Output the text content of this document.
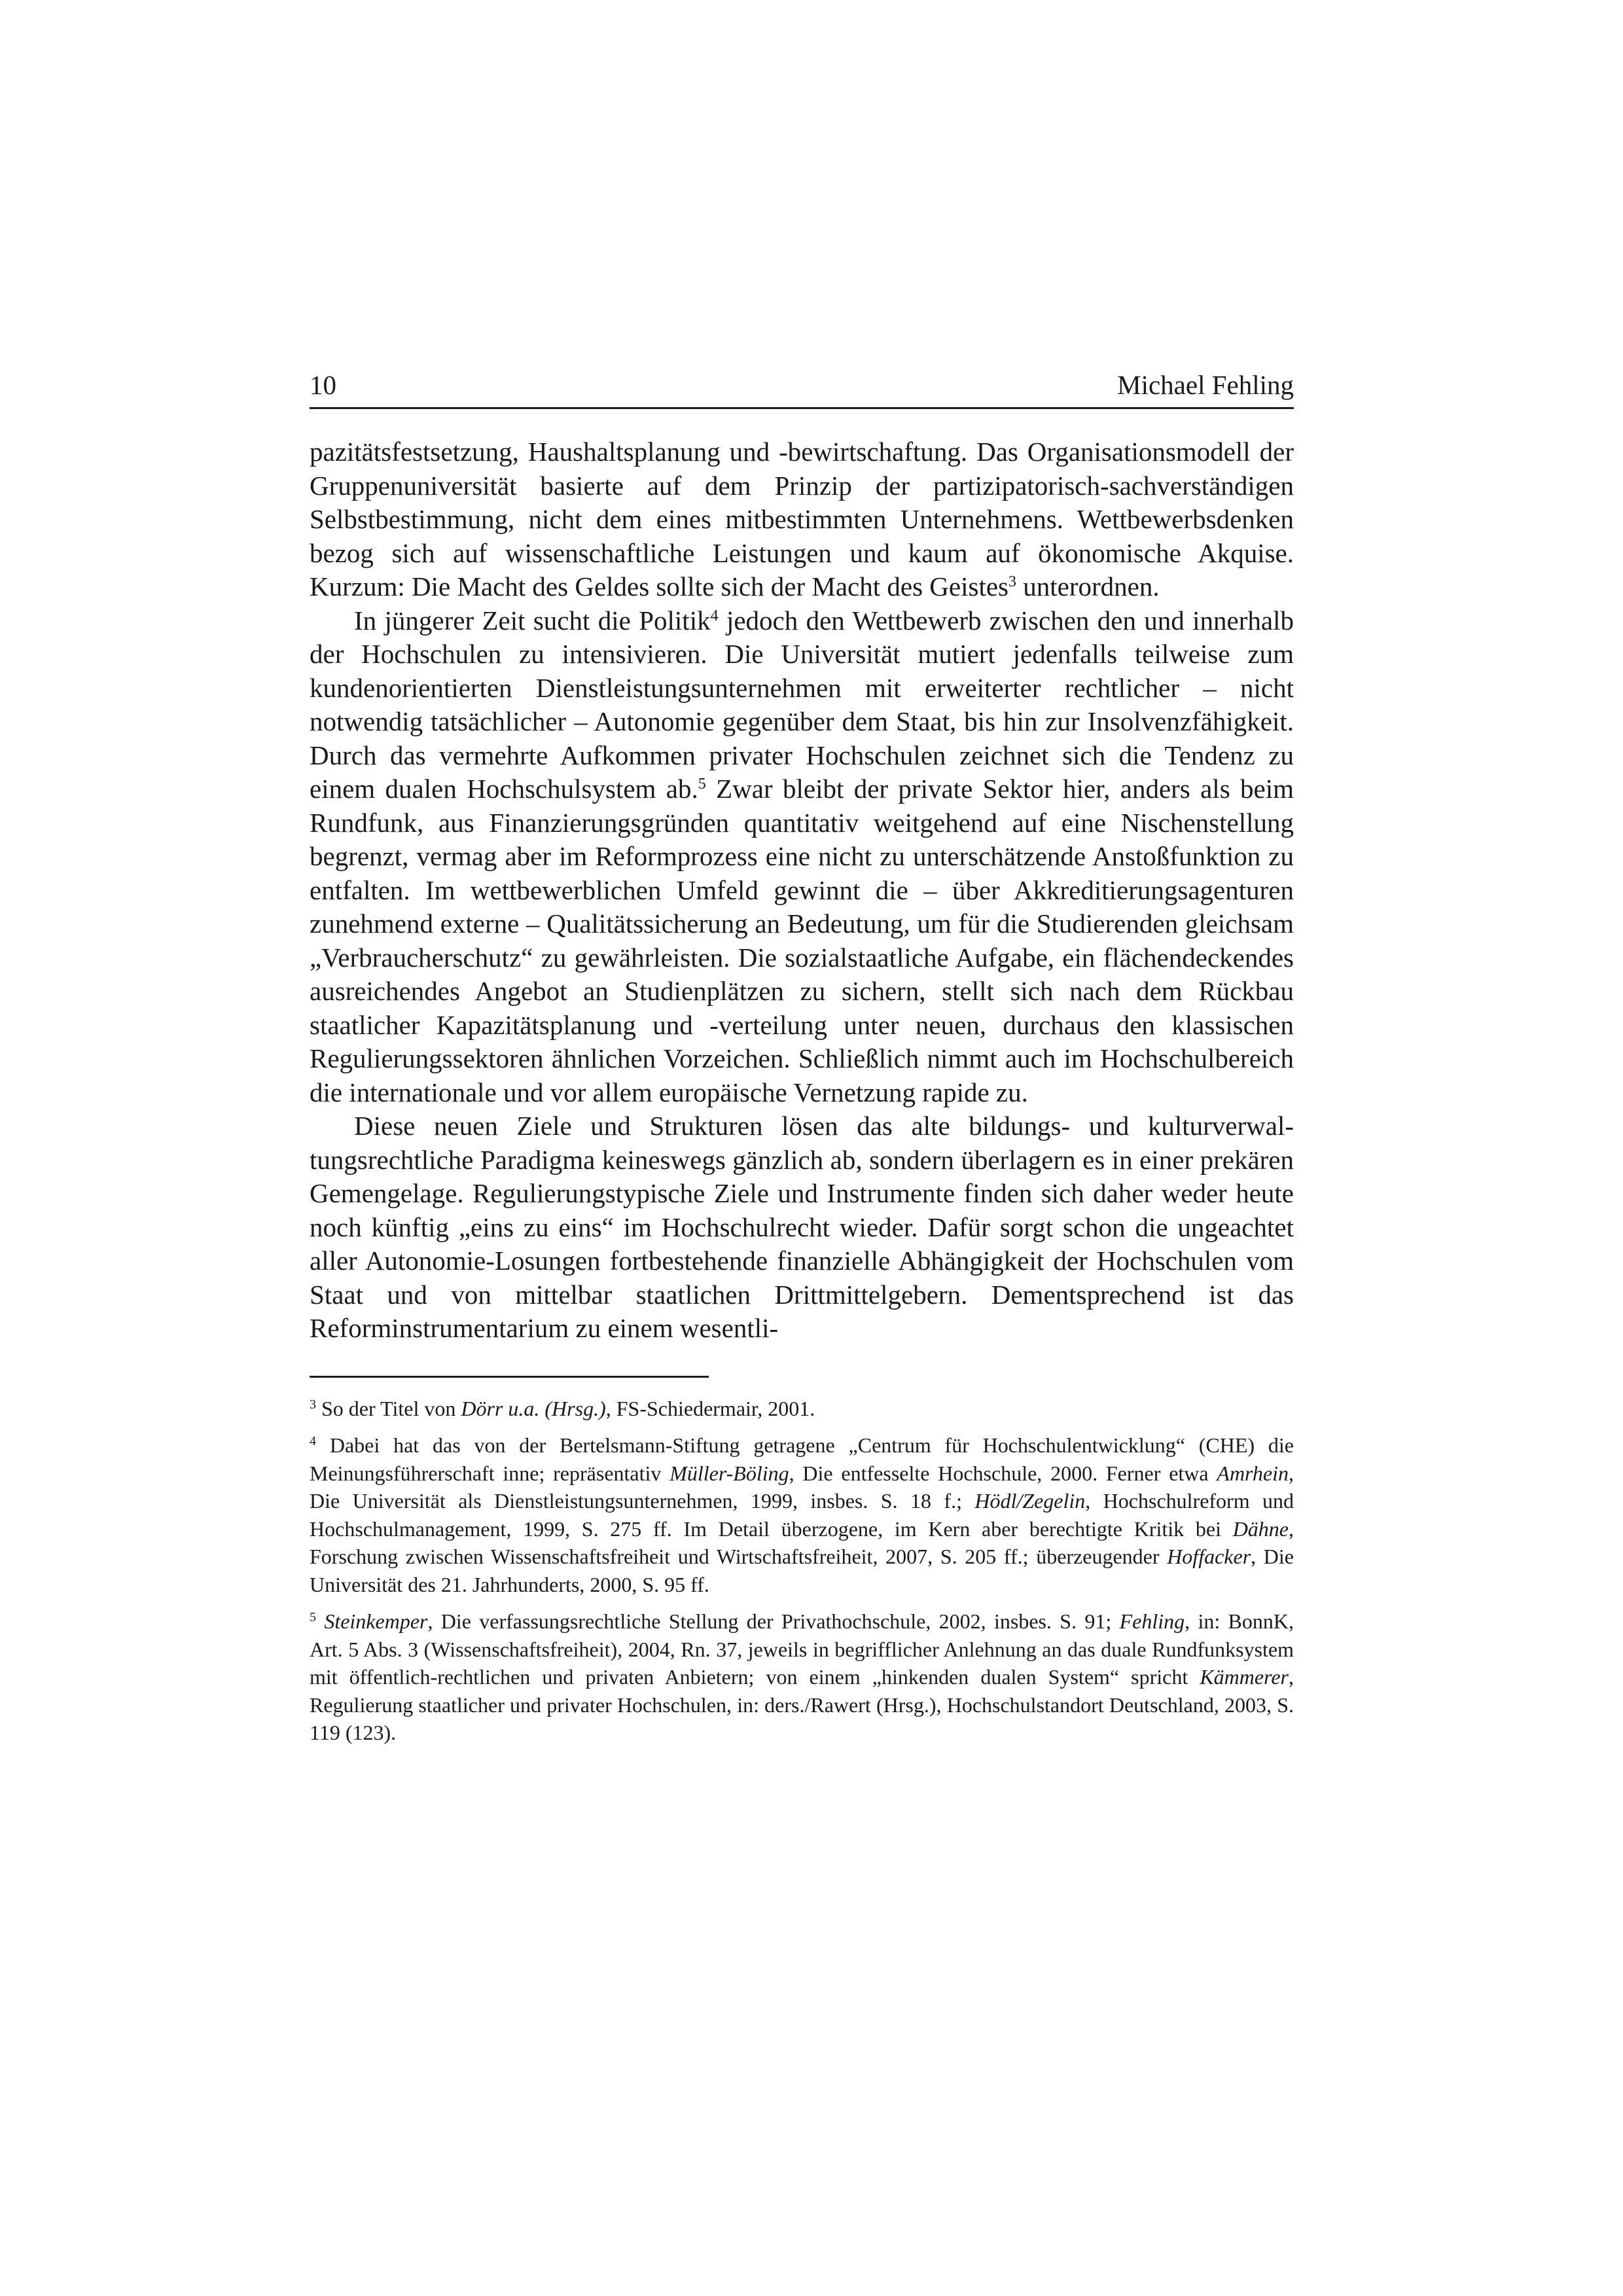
10	Michael Fehling

pazitätsfestsetzung, Haushaltsplanung und -bewirtschaftung. Das Organisationsmodell der Gruppenuniversität basierte auf dem Prinzip der partizipatorisch-sachverständigen Selbstbestimmung, nicht dem eines mitbestimmten Unternehmens. Wettbewerbsdenken bezog sich auf wissenschaftliche Leistungen und kaum auf ökonomische Akquise. Kurzum: Die Macht des Geldes sollte sich der Macht des Geistes$^3$ unterordnen.

In jüngerer Zeit sucht die Politik$^4$ jedoch den Wettbewerb zwischen den und innerhalb der Hochschulen zu intensivieren. Die Universität mutiert jedenfalls teilweise zum kundenorientierten Dienstleistungsunternehmen mit erweiterter rechtlicher – nicht notwendig tatsächlicher – Autonomie gegenüber dem Staat, bis hin zur Insolvenzfähigkeit. Durch das vermehrte Aufkommen privater Hochschulen zeichnet sich die Tendenz zu einem dualen Hochschulsystem ab.$^5$ Zwar bleibt der private Sektor hier, anders als beim Rundfunk, aus Finanzierungsgründen quantitativ weitgehend auf eine Nischenstellung begrenzt, vermag aber im Reformprozess eine nicht zu unterschätzende Anstoßfunktion zu entfalten. Im wettbewerblichen Umfeld gewinnt die – über Akkreditierungsagenturen zunehmend externe – Qualitätssicherung an Bedeutung, um für die Studierenden gleichsam „Verbraucherschutz“ zu gewährleisten. Die sozialstaatliche Aufgabe, ein flächendeckendes ausreichendes Angebot an Studienplätzen zu sichern, stellt sich nach dem Rückbau staatlicher Kapazitätsplanung und -verteilung unter neuen, durchaus den klassischen Regulierungssektoren ähnlichen Vorzeichen. Schließlich nimmt auch im Hochschulbereich die internationale und vor allem europäische Vernetzung rapide zu.

Diese neuen Ziele und Strukturen lösen das alte bildungs- und kulturverwaltungsrechtliche Paradigma keineswegs gänzlich ab, sondern überlagern es in einer prekären Gemengelage. Regulierungstypische Ziele und Instrumente finden sich daher weder heute noch künftig „eins zu eins“ im Hochschulrecht wieder. Dafür sorgt schon die ungeachtet aller Autonomie-Losungen fortbestehende finanzielle Abhängigkeit der Hochschulen vom Staat und von mittelbar staatlichen Drittmittelgebern. Dementsprechend ist das Reforminstrumentarium zu einem wesentli-

$^3$ So der Titel von Dörr u.a. (Hrsg.), FS-Schiedermair, 2001.

$^4$ Dabei hat das von der Bertelsmann-Stiftung getragene „Centrum für Hochschulentwicklung“ (CHE) die Meinungsführerschaft inne; repräsentativ Müller-Böling, Die entfesselte Hochschule, 2000. Ferner etwa Amrhein, Die Universität als Dienstleistungsunternehmen, 1999, insbes. S. 18 f.; Hödl/Zegelin, Hochschulreform und Hochschulmanagement, 1999, S. 275 ff. Im Detail überzogene, im Kern aber berechtigte Kritik bei Dähne, Forschung zwischen Wissenschaftsfreiheit und Wirtschaftsfreiheit, 2007, S. 205 ff.; überzeugender Hoffacker, Die Universität des 21. Jahrhunderts, 2000, S. 95 ff.

$^5$ Steinkemper, Die verfassungsrechtliche Stellung der Privathochschule, 2002, insbes. S. 91; Fehling, in: BonnK, Art. 5 Abs. 3 (Wissenschaftsfreiheit), 2004, Rn. 37, jeweils in begrifflicher Anlehnung an das duale Rundfunksystem mit öffentlich-rechtlichen und privaten Anbietern; von einem „hinkenden dualen System“ spricht Kämmerer, Regulierung staatlicher und privater Hochschulen, in: ders./Rawert (Hrsg.), Hochschulstandort Deutschland, 2003, S. 119 (123).
